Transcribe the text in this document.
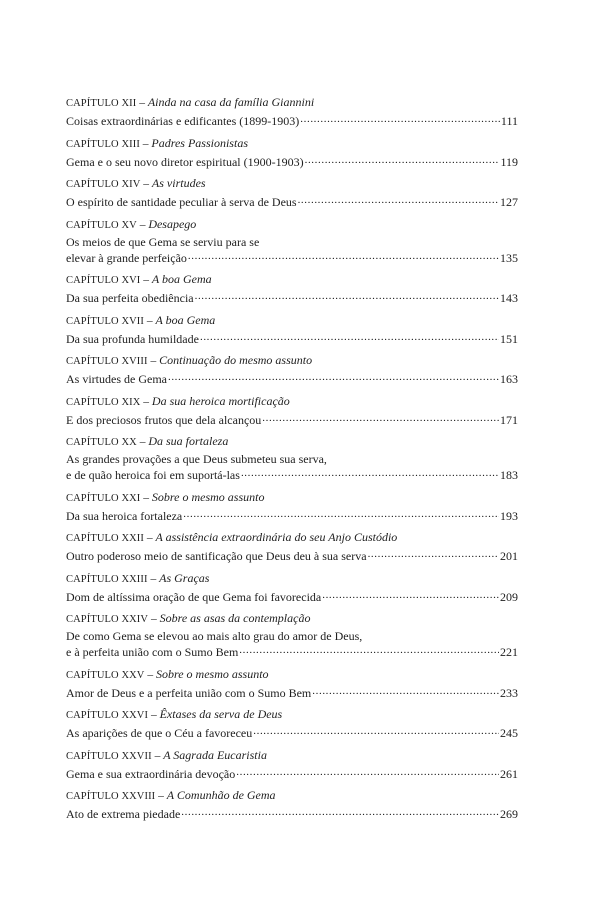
CAPÍTULO XII – Ainda na casa da família Giannini
Coisas extraordinárias e edificantes (1899-1903) .....	111
CAPÍTULO XIII – Padres Passionistas
Gema e o seu novo diretor espiritual (1900-1903) .....	119
CAPÍTULO XIV – As virtudes
O espírito de santidade peculiar à serva de Deus .....	127
CAPÍTULO XV – Desapego
Os meios de que Gema se serviu para se
elevar à grande perfeição .....	135
CAPÍTULO XVI – A boa Gema
Da sua perfeita obediência .....	143
CAPÍTULO XVII – A boa Gema
Da sua profunda humildade .....	151
CAPÍTULO XVIII – Continuação do mesmo assunto
As virtudes de Gema .....	163
CAPÍTULO XIX – Da sua heroica mortificação
E dos preciosos frutos que dela alcançou .....	171
CAPÍTULO XX – Da sua fortaleza
As grandes provações a que Deus submeteu sua serva,
e de quão heroica foi em suportá-las .....	183
CAPÍTULO XXI – Sobre o mesmo assunto
Da sua heroica fortaleza .....	193
CAPÍTULO XXII – A assistência extraordinária do seu Anjo Custódio
Outro poderoso meio de santificação que Deus deu à sua serva .....	201
CAPÍTULO XXIII – As Graças
Dom de altíssima oração de que Gema foi favorecida .....	209
CAPÍTULO XXIV – Sobre as asas da contemplação
De como Gema se elevou ao mais alto grau do amor de Deus,
e à perfeita união com o Sumo Bem .....	221
CAPÍTULO XXV – Sobre o mesmo assunto
Amor de Deus e a perfeita união com o Sumo Bem .....	233
CAPÍTULO XXVI – Êxtases da serva de Deus
As aparições de que o Céu a favoreceu .....	245
CAPÍTULO XXVII – A Sagrada Eucaristia
Gema e sua extraordinária devoção .....	261
CAPÍTULO XXVIII – A Comunhão de Gema
Ato de extrema piedade .....	269
